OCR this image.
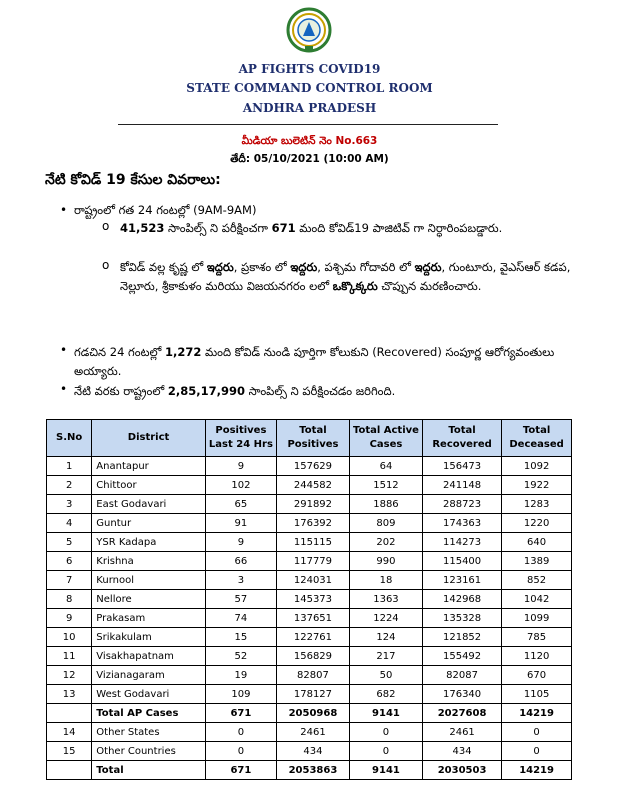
AP FIGHTS COVID19
STATE COMMAND CONTROL ROOM
ANDHRA PRADESH
మీడియా బులెటిన్ నెం No.663
తేదీ: 05/10/2021 (10:00 AM)
నేటి కోవిడ్ 19 కేసుల వివరాలు:
• రాష్ట్రంలో గత 24 గంటల్లో (9AM-9AM)
o 41,523 సాంపిల్స్ ని పరీక్షించగా 671 మంది కోవిడ్19 పాజిటివ్ గా నిర్ధారింపబడ్డారు.
o కోవిడ్ వల్ల కృష్ణ లో ఇద్దరు, ప్రకాశం లో ఇద్దరు, పశ్చిమ గోదావరి లో ఇద్దరు, గుంటూరు, వైఎస్ఆర్ కడప, నెల్లూరు, శ్రీకాకుళం మరియు విజయనగరం లలో ఒక్కొక్కరు చొప్పున మరణించారు.
• గడచిన 24 గంటల్లో 1,272 మంది కోవిడ్ నుండి పూర్తిగా కోలుకుని (Recovered) సంపూర్ణ ఆరోగ్యవంతులు అయ్యారు.
• నేటి వరకు రాష్ట్రంలో 2,85,17,990 సాంపిల్స్ ని పరీక్షించడం జరిగింది.
S.No	District	Positives Last 24 Hrs	Total Positives	Total Active Cases	Total Recovered	Total Deceased
1	Anantapur	9	157629	64	156473	1092
2	Chittoor	102	244582	1512	241148	1922
3	East Godavari	65	291892	1886	288723	1283
4	Guntur	91	176392	809	174363	1220
5	YSR Kadapa	9	115115	202	114273	640
6	Krishna	66	117779	990	115400	1389
7	Kurnool	3	124031	18	123161	852
8	Nellore	57	145373	1363	142968	1042
9	Prakasam	74	137651	1224	135328	1099
10	Srikakulam	15	122761	124	121852	785
11	Visakhapatnam	52	156829	217	155492	1120
12	Vizianagaram	19	82807	50	82087	670
13	West Godavari	109	178127	682	176340	1105
	Total AP Cases	671	2050968	9141	2027608	14219
14	Other States	0	2461	0	2461	0
15	Other Countries	0	434	0	434	0
	Total	671	2053863	9141	2030503	14219
